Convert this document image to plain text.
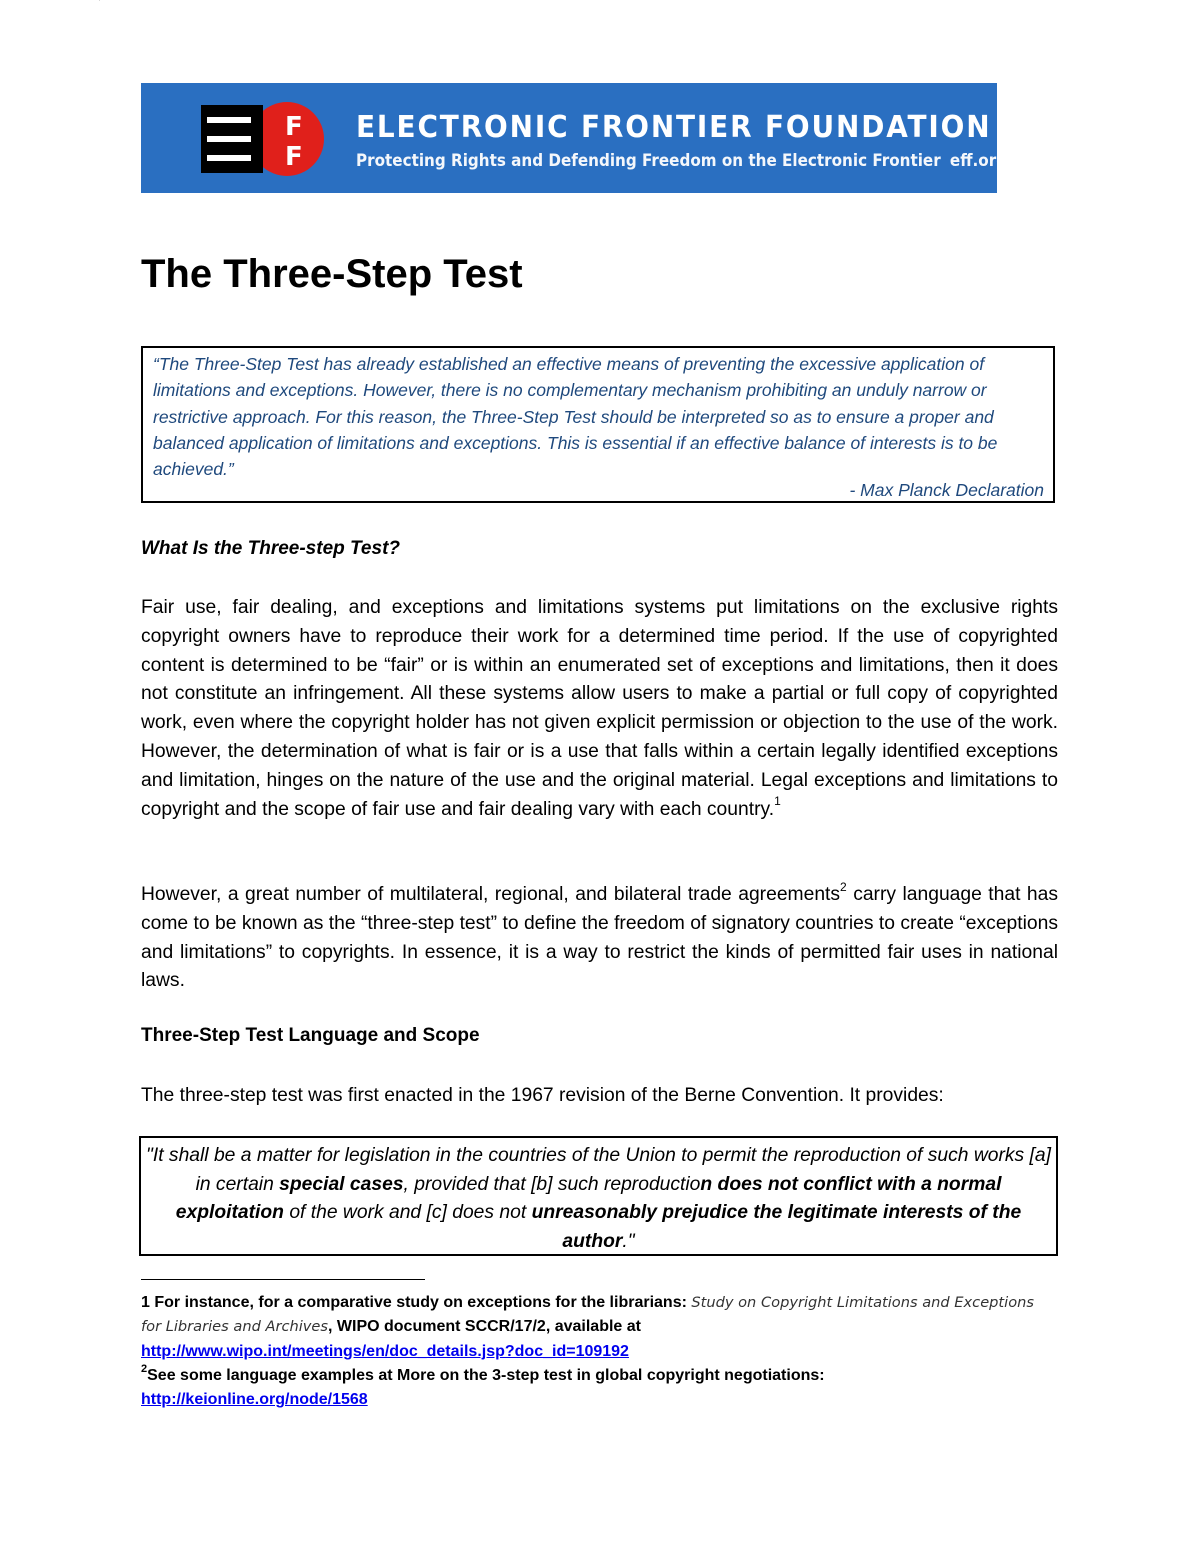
F
F
E
ELECTRONIC FRONTIER FOUNDATION
Protecting Rights and Defending Freedom on the Electronic Frontier eff.org
The Three-Step Test
“The Three-Step Test has already established an effective means of preventing the excessive application of limitations and exceptions. However, there is no complementary mechanism prohibiting an unduly narrow or restrictive approach. For this reason, the Three-Step Test should be interpreted so as to ensure a proper and balanced application of limitations and exceptions. This is essential if an effective balance of interests is to be achieved.”
- Max Planck Declaration
What Is the Three-step Test?
Fair use, fair dealing, and exceptions and limitations systems put limitations on the exclusive rights copyright owners have to reproduce their work for a determined time period. If the use of copyrighted content is determined to be “fair” or is within an enumerated set of exceptions and limitations, then it does not constitute an infringement. All these systems allow users to make a partial or full copy of copyrighted work, even where the copyright holder has not given explicit permission or objection to the use of the work. However, the determination of what is fair or is a use that falls within a certain legally identified exceptions and limitation, hinges on the nature of the use and the original material. Legal exceptions and limitations to copyright and the scope of fair use and fair dealing vary with each country.$^1$
However, a great number of multilateral, regional, and bilateral trade agreements$^2$ carry language that has come to be known as the “three-step test” to define the freedom of signatory countries to create “exceptions and limitations” to copyrights. In essence, it is a way to restrict the kinds of permitted fair uses in national laws.
Three-Step Test Language and Scope
The three-step test was first enacted in the 1967 revision of the Berne Convention. It provides:
"It shall be a matter for legislation in the countries of the Union to permit the reproduction of such works [a] in certain special cases, provided that [b] such reproduction does not conflict with a normal exploitation of the work and [c] does not unreasonably prejudice the legitimate interests of the author."
1 For instance, for a comparative study on exceptions for the librarians: Study on Copyright Limitations and Exceptions for Libraries and Archives, WIPO document SCCR/17/2, available at
http://www.wipo.int/meetings/en/doc_details.jsp?doc_id=109192
$^2$See some language examples at More on the 3-step test in global copyright negotiations:
http://keionline.org/node/1568
